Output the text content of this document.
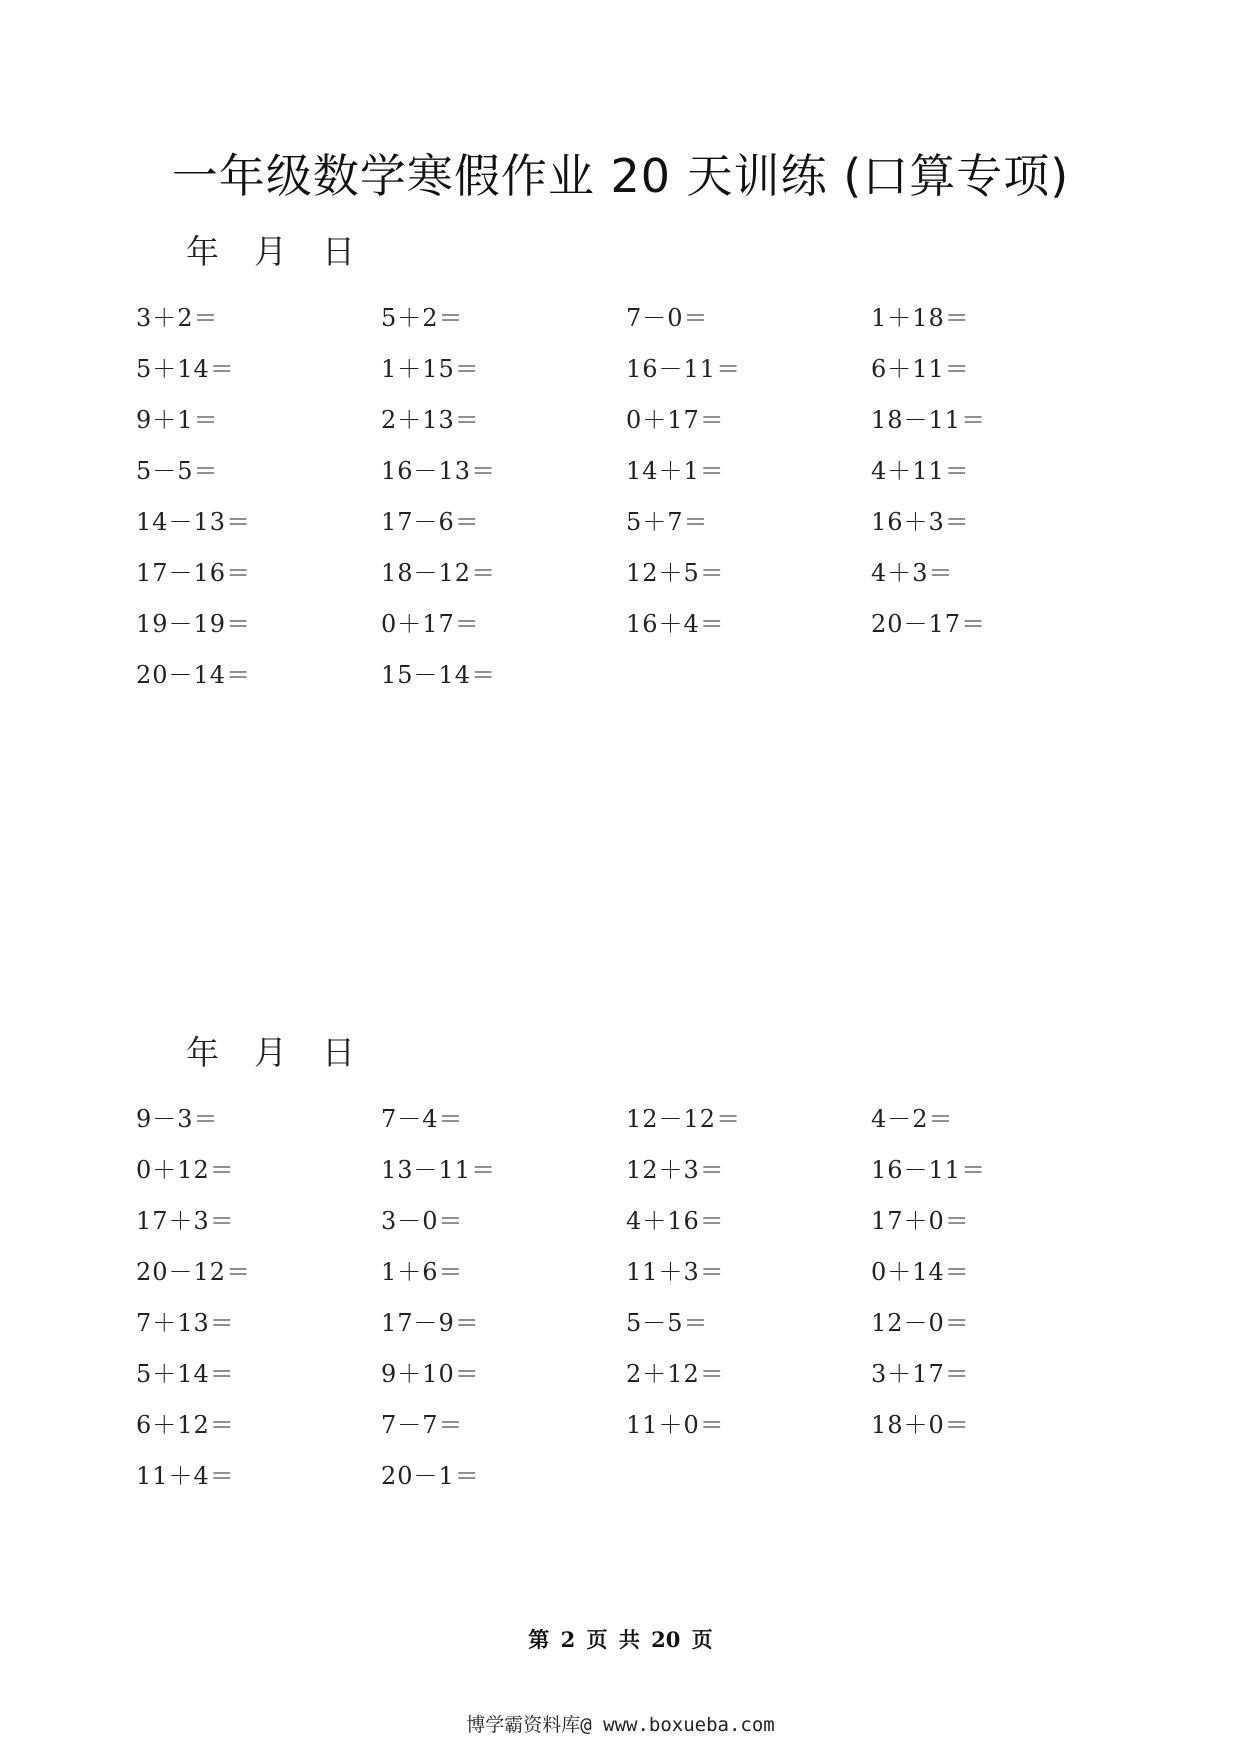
一年级数学寒假作业 20 天训练 (口算专项)
年	月	日
3＋2＝	5＋2＝	7－0＝	1＋18＝
5＋14＝	1＋15＝	16－11＝	6＋11＝
9＋1＝	2＋13＝	0＋17＝	18－11＝
5－5＝	16－13＝	14＋1＝	4＋11＝
14－13＝	17－6＝	5＋7＝	16＋3＝
17－16＝	18－12＝	12＋5＝	4＋3＝
19－19＝	0＋17＝	16＋4＝	20－17＝
20－14＝	15－14＝
年	月	日
9－3＝	7－4＝	12－12＝	4－2＝
0＋12＝	13－11＝	12＋3＝	16－11＝
17＋3＝	3－0＝	4＋16＝	17＋0＝
20－12＝	1＋6＝	11＋3＝	0＋14＝
7＋13＝	17－9＝	5－5＝	12－0＝
5＋14＝	9＋10＝	2＋12＝	3＋17＝
6＋12＝	7－7＝	11＋0＝	18＋0＝
11＋4＝	20－1＝
第 2 页 共 20 页
博学霸资料库@ www.boxueba.com
